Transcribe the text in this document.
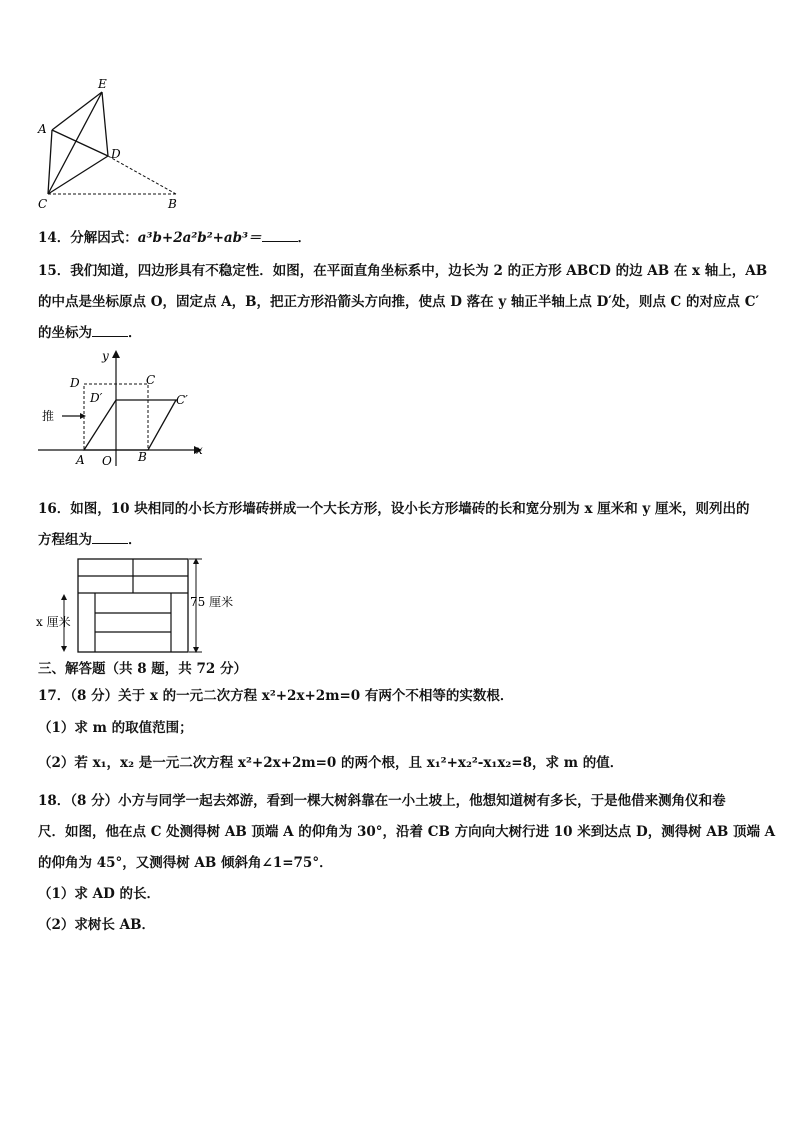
E
A
D
C	B
14．分解因式：a³b+2a²b²+ab³＝	．
15．我们知道，四边形具有不稳定性．如图，在平面直角坐标系中，边长为 2 的正方形 ABCD 的边 AB 在 x 轴上，AB
的中点是坐标原点 O，固定点 A，B，把正方形沿箭头方向推，使点 D 落在 y 轴正半轴上点 D′处，则点 C 的对应点 C′
的坐标为	．
y
x
D	C
D′	C′
推
A O B
16．如图，10 块相同的小长方形墙砖拼成一个大长方形，设小长方形墙砖的长和宽分别为 x 厘米和 y 厘米，则列出的
方程组为	．
x 厘米
75 厘米
三、解答题（共 8 题，共 72 分）
17．（8 分）关于 x 的一元二次方程 x²+2x+2m=0 有两个不相等的实数根．
（1）求 m 的取值范围；
（2）若 x₁，x₂ 是一元二次方程 x²+2x+2m=0 的两个根，且 x₁²+x₂²-x₁x₂=8，求 m 的值．
18．（8 分）小方与同学一起去郊游，看到一棵大树斜靠在一小土坡上，他想知道树有多长，于是他借来测角仪和卷
尺．如图，他在点 C 处测得树 AB 顶端 A 的仰角为 30°，沿着 CB 方向向大树行进 10 米到达点 D，测得树 AB 顶端 A
的仰角为 45°，又测得树 AB 倾斜角∠1=75°．
（1）求 AD 的长．
（2）求树长 AB．
